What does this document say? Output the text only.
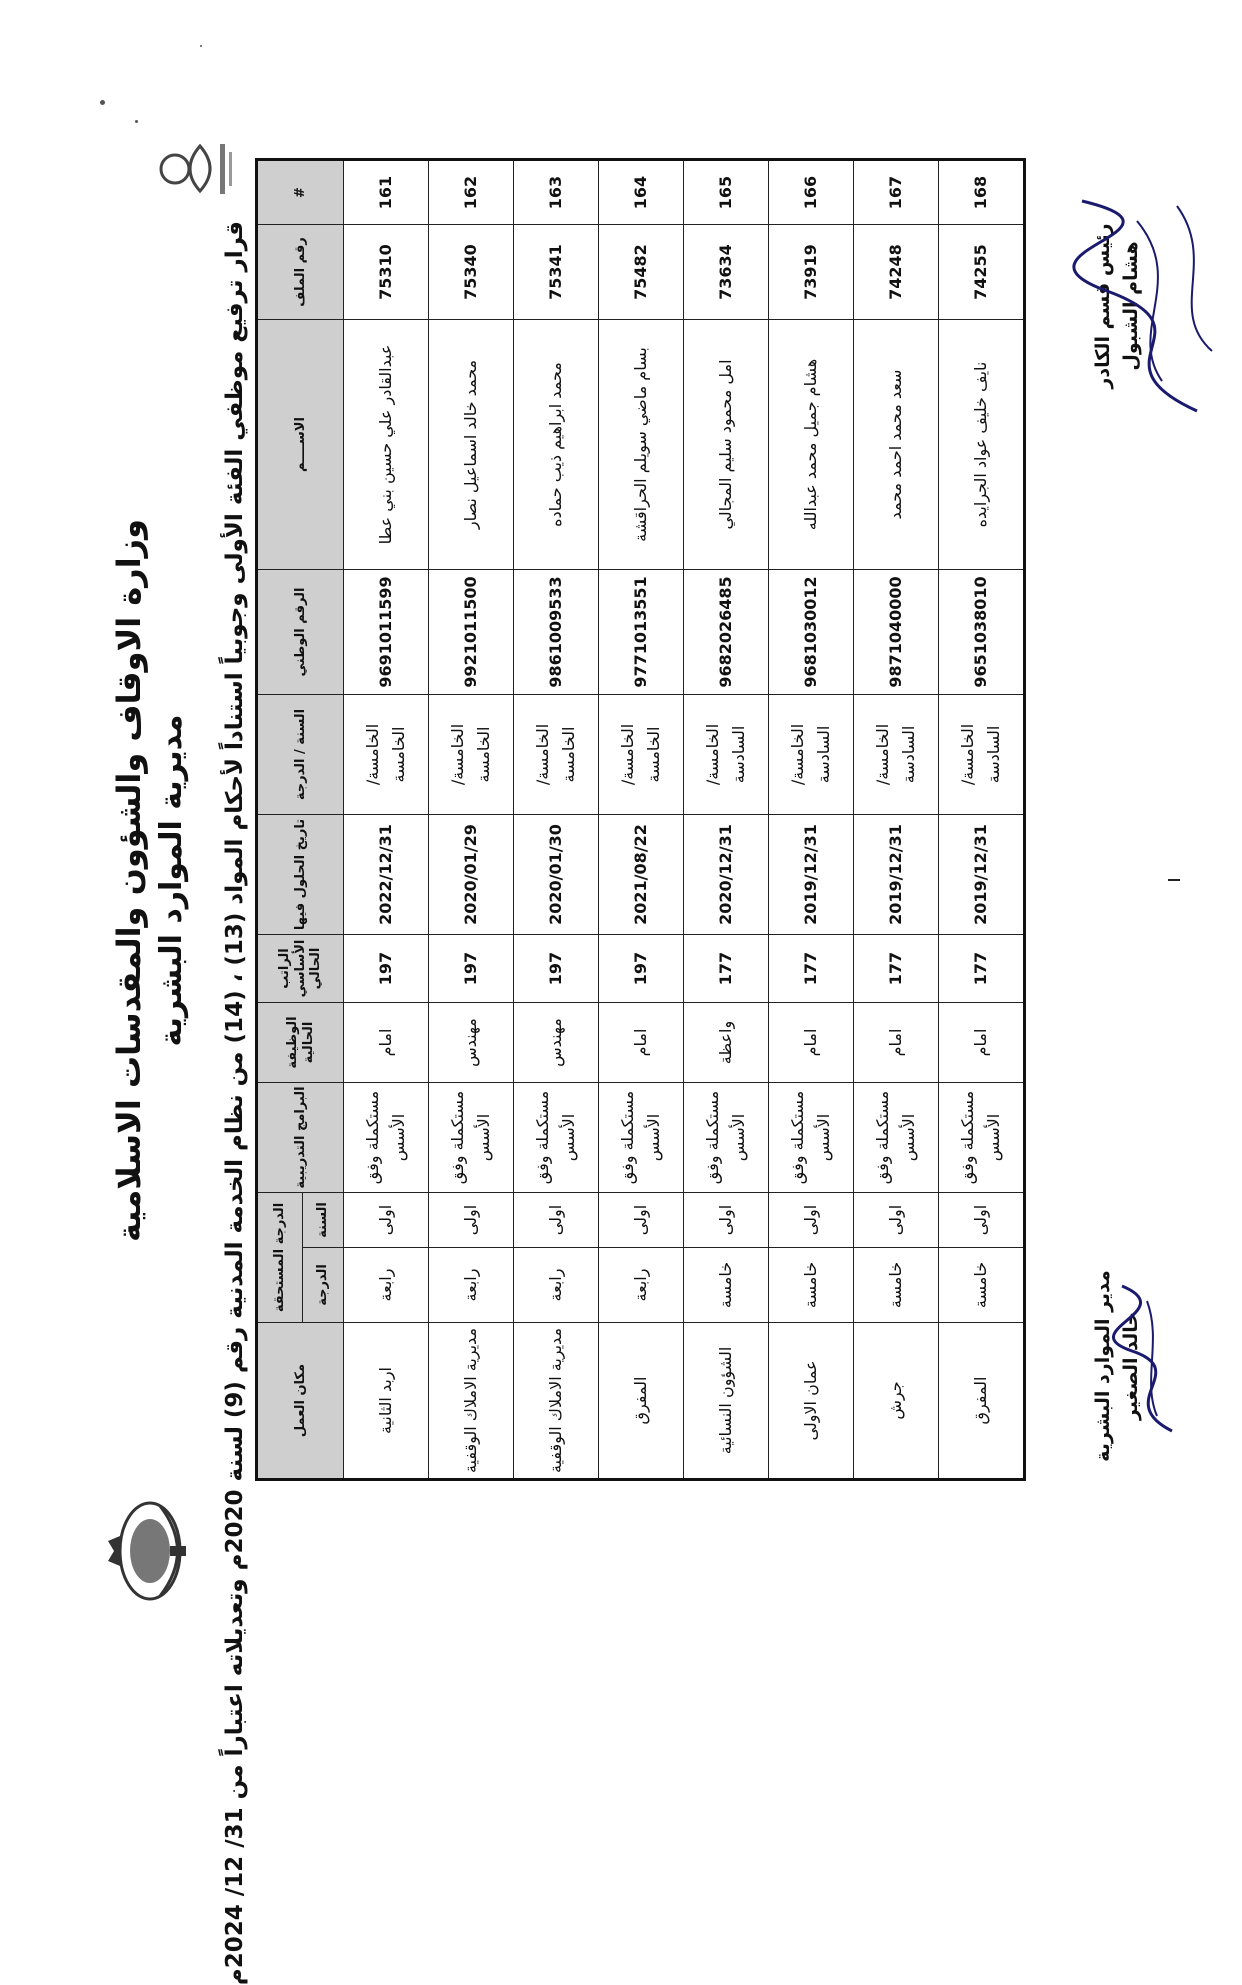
وزارة الاوقاف والشؤون والمقدسات الاسلامية مديرية الموارد البشرية
قرار ترفيع موظفي الفئة الأولى وجوبياً استناداً لأحكام المواد (13) ، (14) من نظام الخدمة المدنية رقم (9) لسنة 2020م وتعديلاته اعتباراً من 31/ 12/ 2024م
#	رقم الملف	الاســــم	الرقم الوطني	السنة / الدرجة	تاريخ الحلول فيها	الراتب الأساسي الحالي	الوظيفة الحالية	البرامج التدريبية	الدرجة المستحقة		مكان العمل
									السنة	الدرجة	
161	75310	عبدالقادر علي حسين بني عطا	9691011599	الخامسة/الخامسة	2022/12/31	197	امام	مستكملة وفق الأسس	اولى	رابعة	اربد الثانية
162	75340	محمد خالد اسماعيل نصار	9921011500	الخامسة/الخامسة	2020/01/29	197	مهندس	مستكملة وفق الأسس	اولى	رابعة	مديرية الاملاك الوقفية
163	75341	محمد ابراهيم ذيب حماده	9861009533	الخامسة/الخامسة	2020/01/30	197	مهندس	مستكملة وفق الأسس	اولى	رابعة	مديرية الاملاك الوقفية
164	75482	بسام ماضي سويلم الحراقشة	9771013551	الخامسة/الخامسة	2021/08/22	197	امام	مستكملة وفق الأسس	اولى	رابعة	المفرق
165	73634	امل محمود سليم المجالي	9682026485	الخامسة/السادسة	2020/12/31	177	واعظة	مستكملة وفق الأسس	اولى	خامسة	الشؤون النسائية
166	73919	هشام جميل محمد عبدالله	9681030012	الخامسة/السادسة	2019/12/31	177	امام	مستكملة وفق الأسس	اولى	خامسة	عمان الاولى
167	74248	سعد محمد احمد محمد	9871040000	الخامسة/السادسة	2019/12/31	177	امام	مستكملة وفق الأسس	اولى	خامسة	جرش
168	74255	نايف خليف عواد الجرايده	9651038010	الخامسة/السادسة	2019/12/31	177	امام	مستكملة وفق الأسس	اولى	خامسة	المفرق	مدير الموارد البشرية خالد الصغير
رئيس قسم الكادر هشام الشبول
